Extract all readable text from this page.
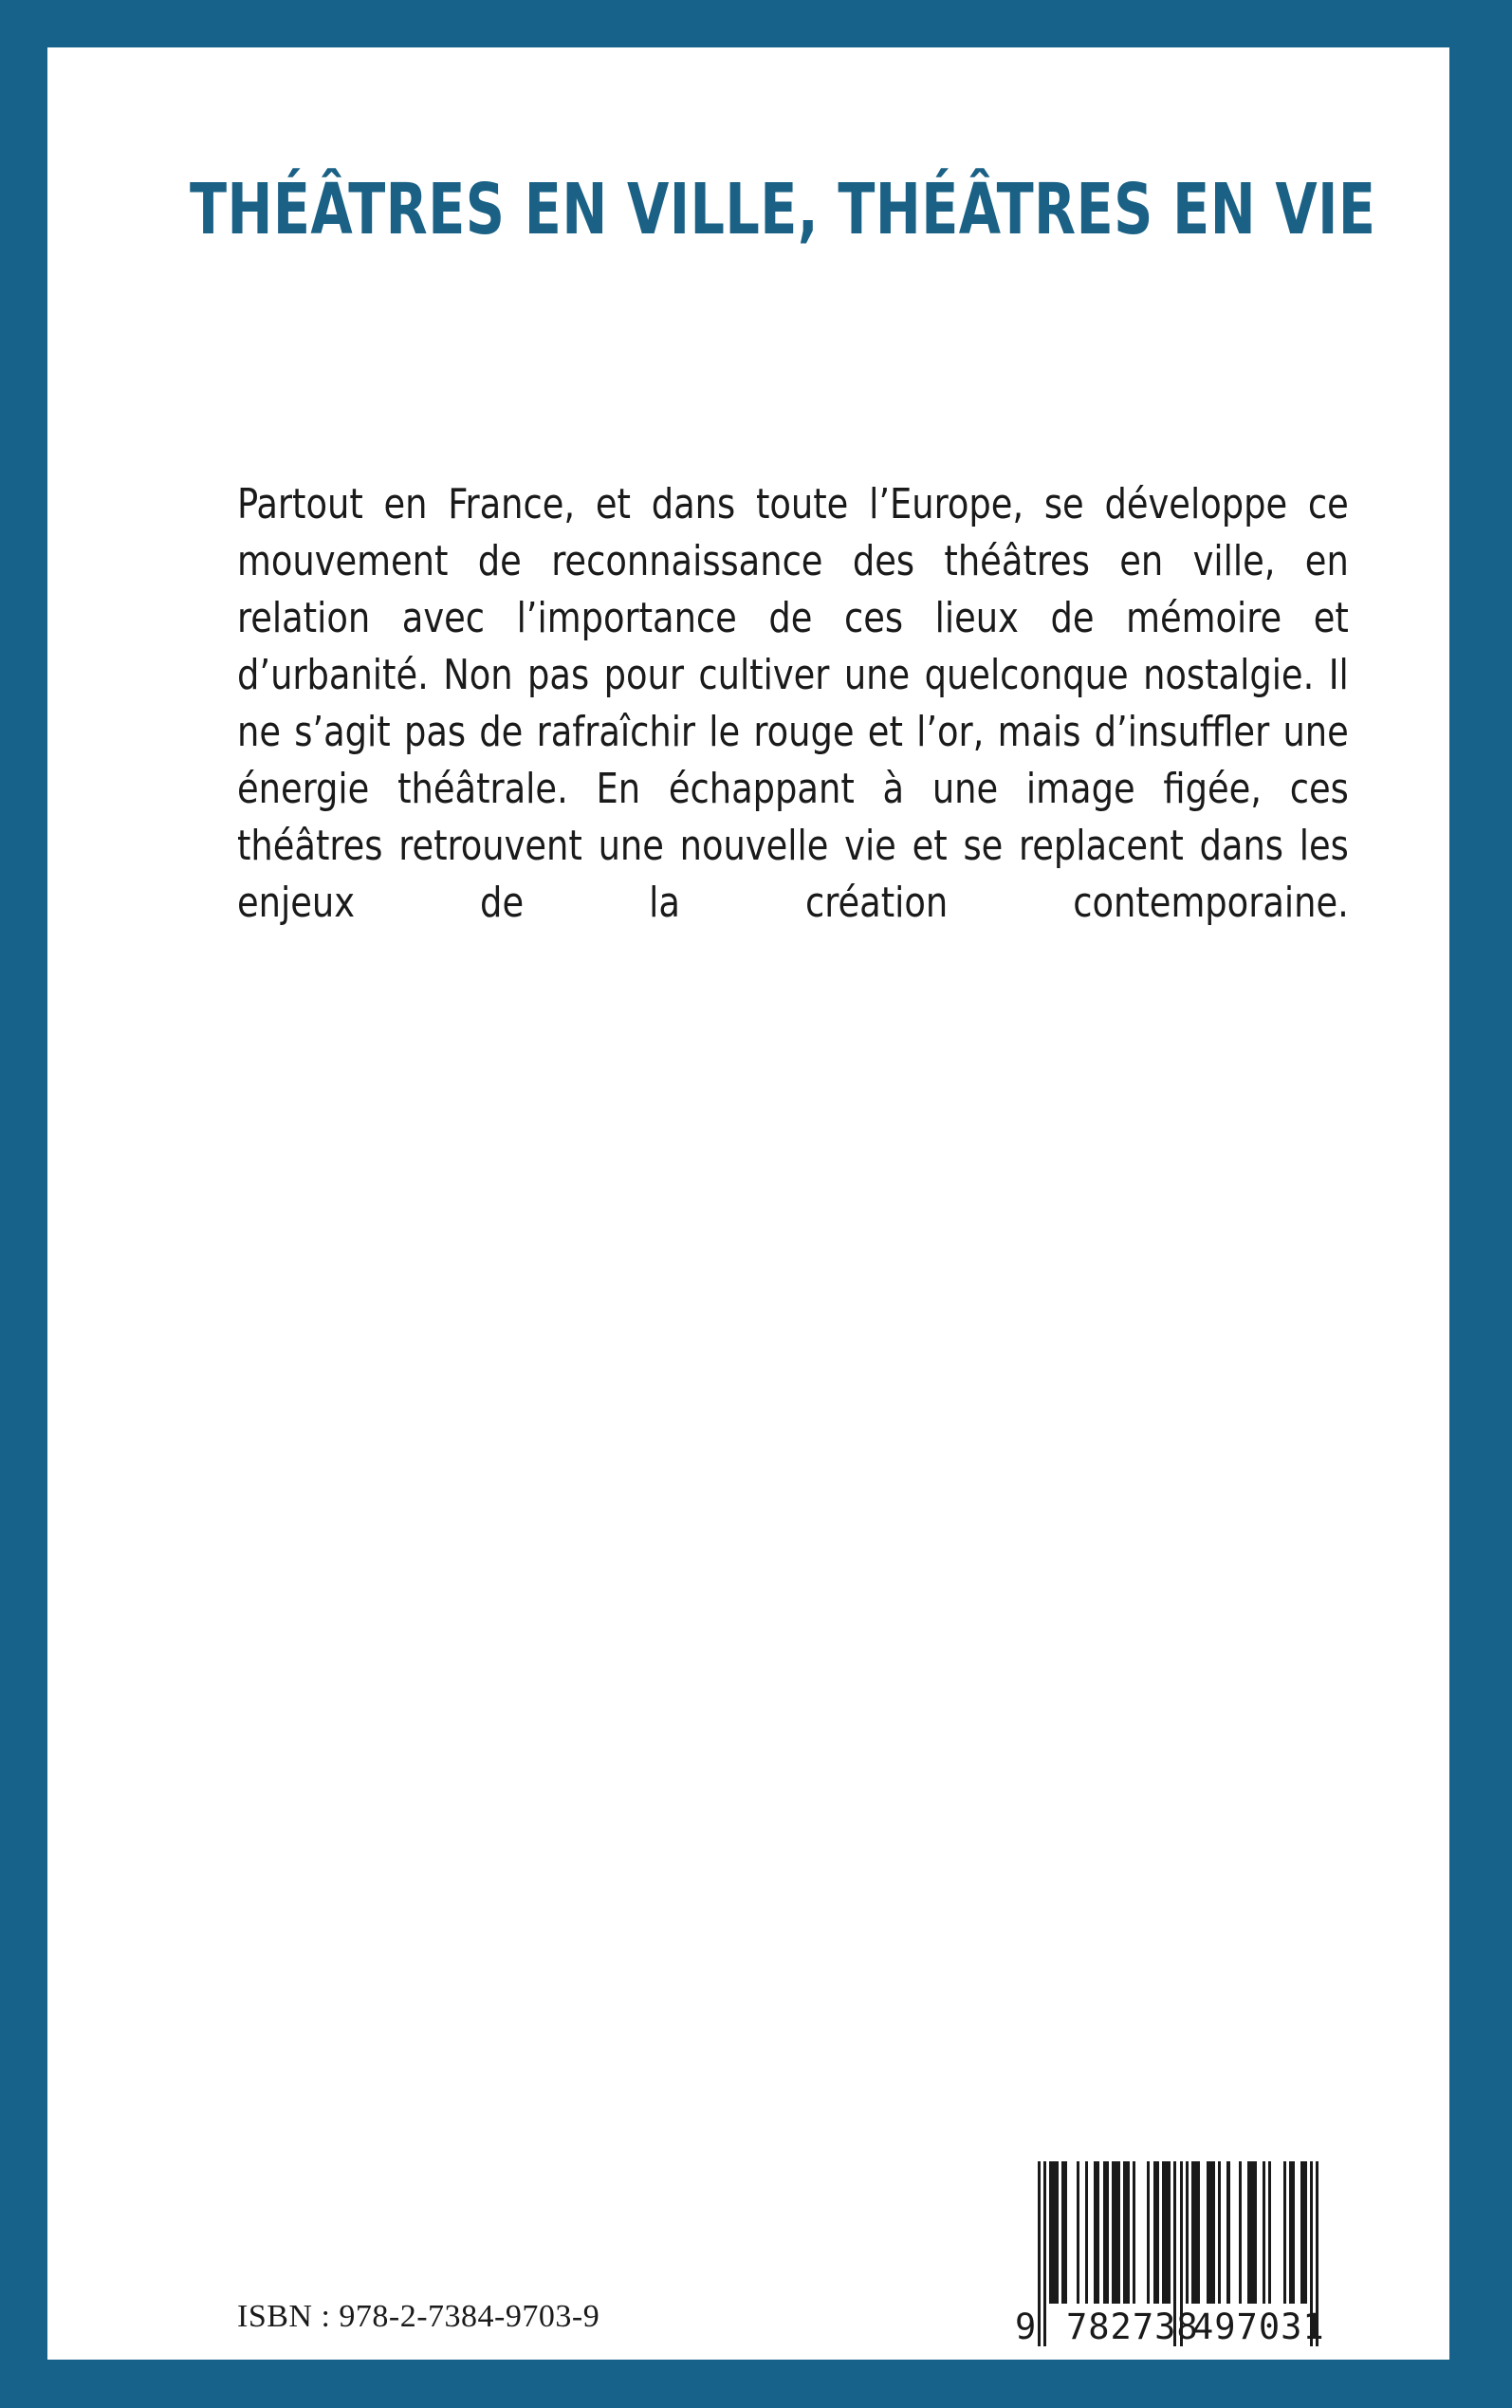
THÉÂTRES EN VILLE, THÉÂTRES EN VIE
Partout en France, et dans toute l’Europe, se développe ce mouvement de reconnaissance des théâtres en ville, en relation avec l’importance de ces lieux de mémoire et d’urbanité. Non pas pour cultiver une quelconque nostalgie. Il ne s’agit pas de rafraîchir le rouge et l’or, mais d’insuffler une énergie théâtrale. En échappant à une image figée, ces théâtres retrouvent une nouvelle vie et se replacent dans les enjeux de la création contemporaine.
ISBN : 978-2-7384-9703-9	9 782738
497031
